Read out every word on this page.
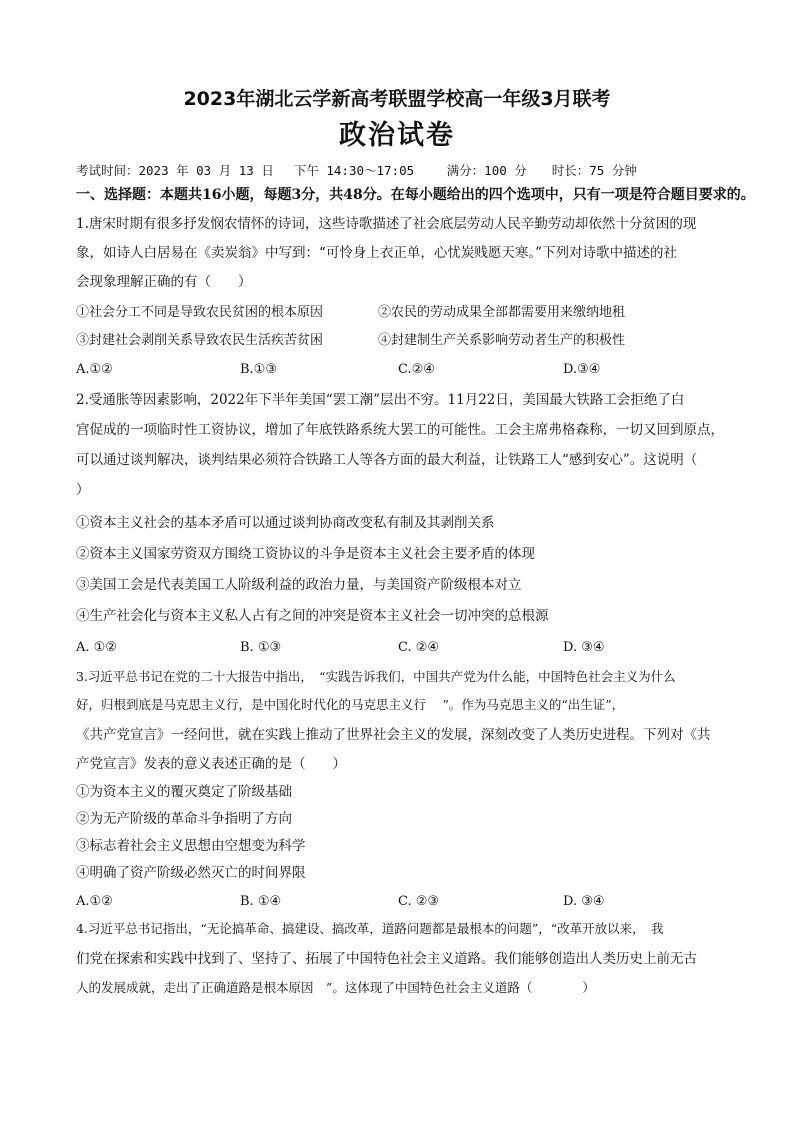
2023年湖北云学新高考联盟学校高一年级3月联考
政治试卷
考试时间：2023 年 03 月 13 日　 下午 14:30～17:05　　 满分：100 分　　时长：75 分钟
一、选择题：本题共16小题，每题3分，共48分。在每小题给出的四个选项中，只有一项是符合题目要求的。
1.唐宋时期有很多抒发悯农情怀的诗词，这些诗歌描述了社会底层劳动人民辛勤劳动却依然十分贫困的现
象，如诗人白居易在《卖炭翁》中写到：“可怜身上衣正单，心忧炭贱愿天寒。”下列对诗歌中描述的社
会现象理解正确的有（　　）
①社会分工不同是导致农民贫困的根本原因	②农民的劳动成果全部都需要用来缴纳地租
③封建社会剥削关系导致农民生活疾苦贫困	④封建制生产关系影响劳动者生产的积极性
A.①②	B.①③	C.②④	D.③④
2.受通胀等因素影响，2022年下半年美国“罢工潮”层出不穷。11月22日，美国最大铁路工会拒绝了白
宫促成的一项临时性工资协议，增加了年底铁路系统大罢工的可能性。工会主席弗格森称，一切又回到原点，
可以通过谈判解决，谈判结果必须符合铁路工人等各方面的最大利益，让铁路工人“感到安心”。这说明（
）
①资本主义社会的基本矛盾可以通过谈判协商改变私有制及其剥削关系
②资本主义国家劳资双方围绕工资协议的斗争是资本主义社会主要矛盾的体现
③美国工会是代表美国工人阶级利益的政治力量，与美国资产阶级根本对立
④生产社会化与资本主义私人占有之间的冲突是资本主义社会一切冲突的总根源
A. ①②	B. ①③	C. ②④	D. ③④
3.习近平总书记在党的二十大报告中指出，　“实践告诉我们，中国共产党为什么能，中国特色社会主义为什么
好，归根到底是马克思主义行，是中国化时代化的马克思主义行　 ”。作为马克思主义的“出生证”，
《共产党宣言》一经问世，就在实践上推动了世界社会主义的发展，深刻改变了人类历史进程。下列对《共
产党宣言》发表的意义表述正确的是（　　）
①为资本主义的覆灭奠定了阶级基础
②为无产阶级的革命斗争指明了方向
③标志着社会主义思想由空想变为科学
④明确了资产阶级必然灭亡的时间界限
A.①②	B. ①④	C. ②③	D. ③④
4.习近平总书记指出，“无论搞革命、搞建设、搞改革，道路问题都是最根本的问题”，“改革开放以来，　我
们党在探索和实践中找到了、坚持了、拓展了中国特色社会主义道路。我们能够创造出人类历史上前无古
人的发展成就，走出了正确道路是根本原因　”。这体现了中国特色社会主义道路（　　　　）
